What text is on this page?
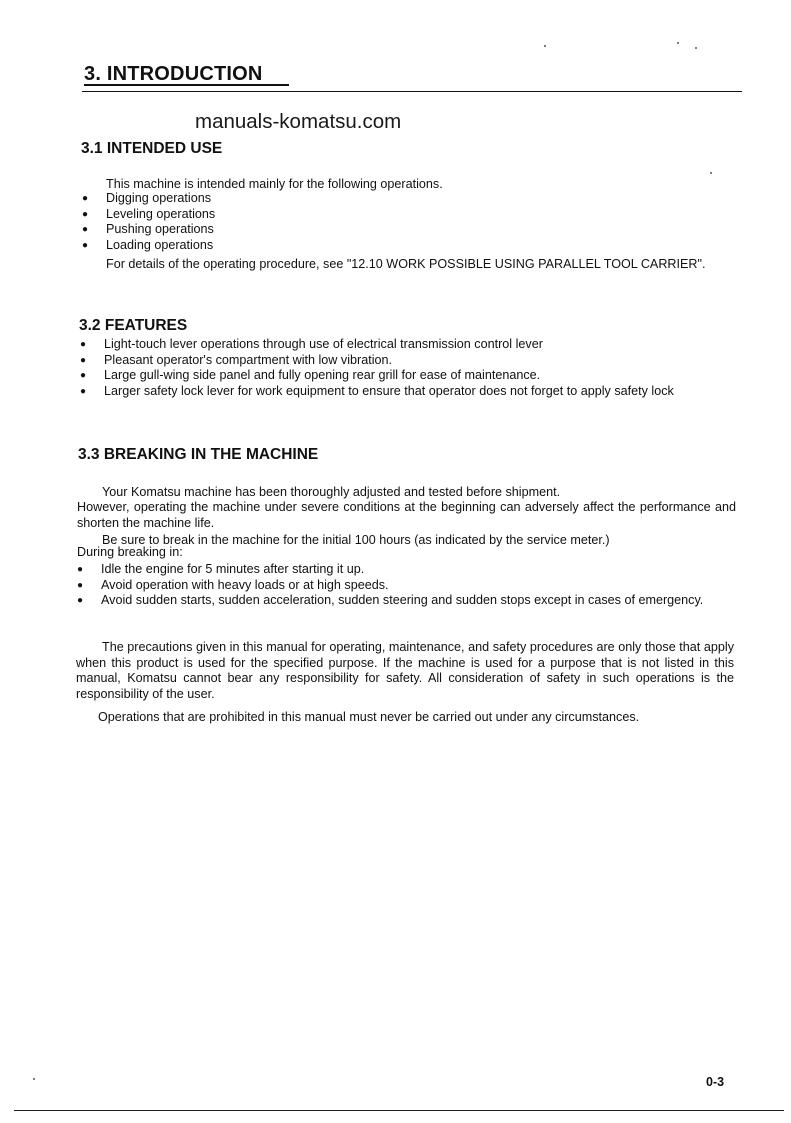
3. INTRODUCTION
manuals-komatsu.com
3.1 INTENDED USE
This machine is intended mainly for the following operations.
● Digging operations
● Leveling operations
● Pushing operations
● Loading operations
For details of the operating procedure, see "12.10 WORK POSSIBLE USING PARALLEL TOOL CARRIER".
3.2 FEATURES
● Light-touch lever operations through use of electrical transmission control lever
● Pleasant operator's compartment with low vibration.
● Large gull-wing side panel and fully opening rear grill for ease of maintenance.
● Larger safety lock lever for work equipment to ensure that operator does not forget to apply safety lock
3.3 BREAKING IN THE MACHINE
Your Komatsu machine has been thoroughly adjusted and tested before shipment.
However, operating the machine under severe conditions at the beginning can adversely affect the performance and shorten the machine life.
Be sure to break in the machine for the initial 100 hours (as indicated by the service meter.)
During breaking in:
● Idle the engine for 5 minutes after starting it up.
● Avoid operation with heavy loads or at high speeds.
● Avoid sudden starts, sudden acceleration, sudden steering and sudden stops except in cases of emergency.
The precautions given in this manual for operating, maintenance, and safety procedures are only those that apply when this product is used for the specified purpose. If the machine is used for a purpose that is not listed in this manual, Komatsu cannot bear any responsibility for safety. All consideration of safety in such operations is the responsibility of the user.
Operations that are prohibited in this manual must never be carried out under any circumstances.
0-3
